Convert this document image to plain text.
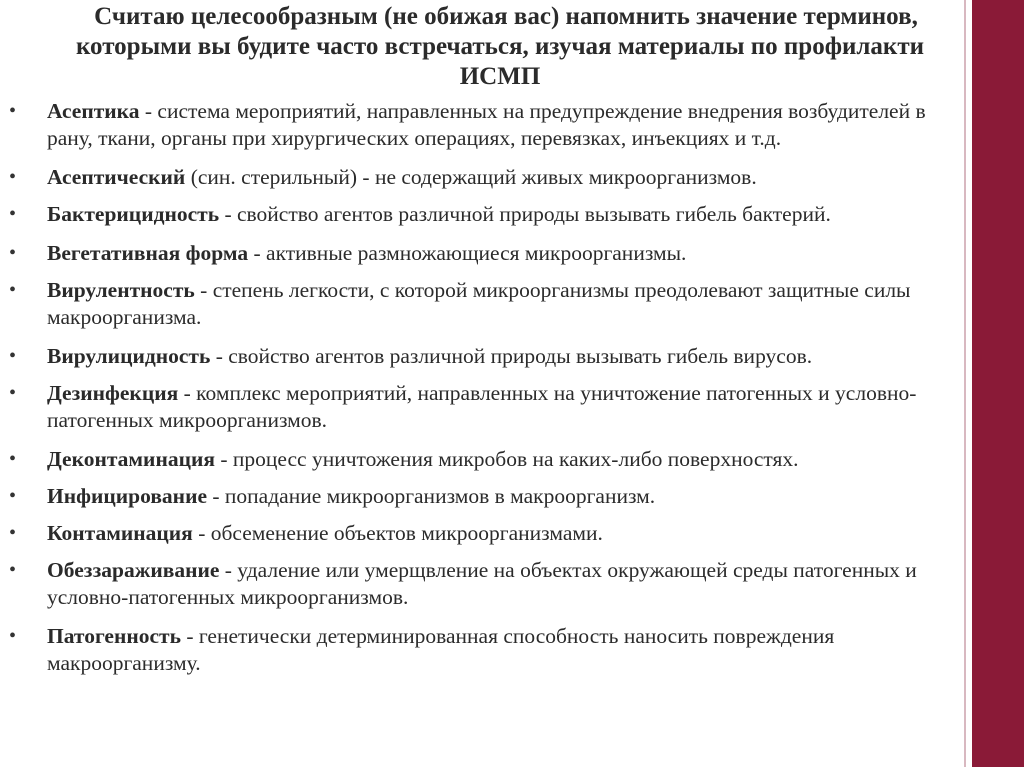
Считаю целесообразным (не обижая вас) напомнить значение терминов,
которыми вы будите часто встречаться, изучая материалы по профилакти
ИСМП
• Асептика - система мероприятий, направленных на предупреждение внедрения возбудителей в рану, ткани, органы при хирургических операциях, перевязках, инъекциях и т.д.
• Асептический (син. стерильный) - не содержащий живых микроорганизмов.
• Бактерицидность - свойство агентов различной природы вызывать гибель бактерий.
• Вегетативная форма - активные размножающиеся микроорганизмы.
• Вирулентность - степень легкости, с которой микроорганизмы преодолевают защитные силы макроорганизма.
• Вирулицидность - свойство агентов различной природы вызывать гибель вирусов.
• Дезинфекция - комплекс мероприятий, направленных на уничтожение патогенных и условно-патогенных микроорганизмов.
• Деконтаминация - процесс уничтожения микробов на каких-либо поверхностях.
• Инфицирование - попадание микроорганизмов в макроорганизм.
• Контаминация - обсеменение объектов микроорганизмами.
• Обеззараживание - удаление или умерщвление на объектах окружающей среды патогенных и условно-патогенных микроорганизмов.
• Патогенность - генетически детерминированная способность наносить повреждения макроорганизму.
